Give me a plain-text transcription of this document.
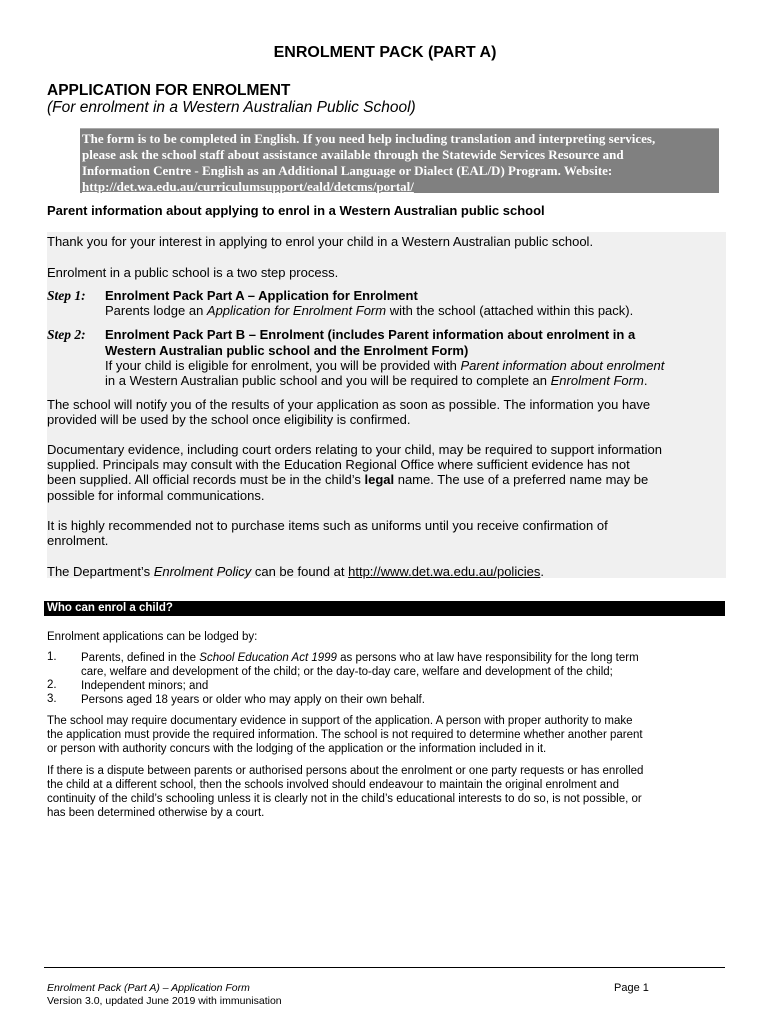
ENROLMENT PACK (PART A)
APPLICATION FOR ENROLMENT
(For enrolment in a Western Australian Public School)
The form is to be completed in English. If you need help including translation and interpreting services,
please ask the school staff about assistance available through the Statewide Services Resource and
Information Centre - English as an Additional Language or Dialect (EAL/D) Program. Website:
http://det.wa.edu.au/curriculumsupport/eald/detcms/portal/
Parent information about applying to enrol in a Western Australian public school
Thank you for your interest in applying to enrol your child in a Western Australian public school.
Enrolment in a public school is a two step process.
Step 1: Enrolment Pack Part A – Application for Enrolment
Parents lodge an Application for Enrolment Form with the school (attached within this pack).
Step 2: Enrolment Pack Part B – Enrolment (includes Parent information about enrolment in a
Western Australian public school and the Enrolment Form)
If your child is eligible for enrolment, you will be provided with Parent information about enrolment
in a Western Australian public school and you will be required to complete an Enrolment Form.
The school will notify you of the results of your application as soon as possible. The information you have
provided will be used by the school once eligibility is confirmed.
Documentary evidence, including court orders relating to your child, may be required to support information
supplied. Principals may consult with the Education Regional Office where sufficient evidence has not
been supplied. All official records must be in the child’s legal name. The use of a preferred name may be
possible for informal communications.
It is highly recommended not to purchase items such as uniforms until you receive confirmation of
enrolment.
The Department’s Enrolment Policy can be found at http://www.det.wa.edu.au/policies.
Who can enrol a child?
Enrolment applications can be lodged by:
1. Parents, defined in the School Education Act 1999 as persons who at law have responsibility for the long term
care, welfare and development of the child; or the day-to-day care, welfare and development of the child;
2. Independent minors; and
3. Persons aged 18 years or older who may apply on their own behalf.
The school may require documentary evidence in support of the application. A person with proper authority to make
the application must provide the required information. The school is not required to determine whether another parent
or person with authority concurs with the lodging of the application or the information included in it.
If there is a dispute between parents or authorised persons about the enrolment or one party requests or has enrolled
the child at a different school, then the schools involved should endeavour to maintain the original enrolment and
continuity of the child’s schooling unless it is clearly not in the child’s educational interests to do so, is not possible, or
has been determined otherwise by a court.
Enrolment Pack (Part A) – Application Form
Version 3.0, updated June 2019 with immunisation
Page 1
